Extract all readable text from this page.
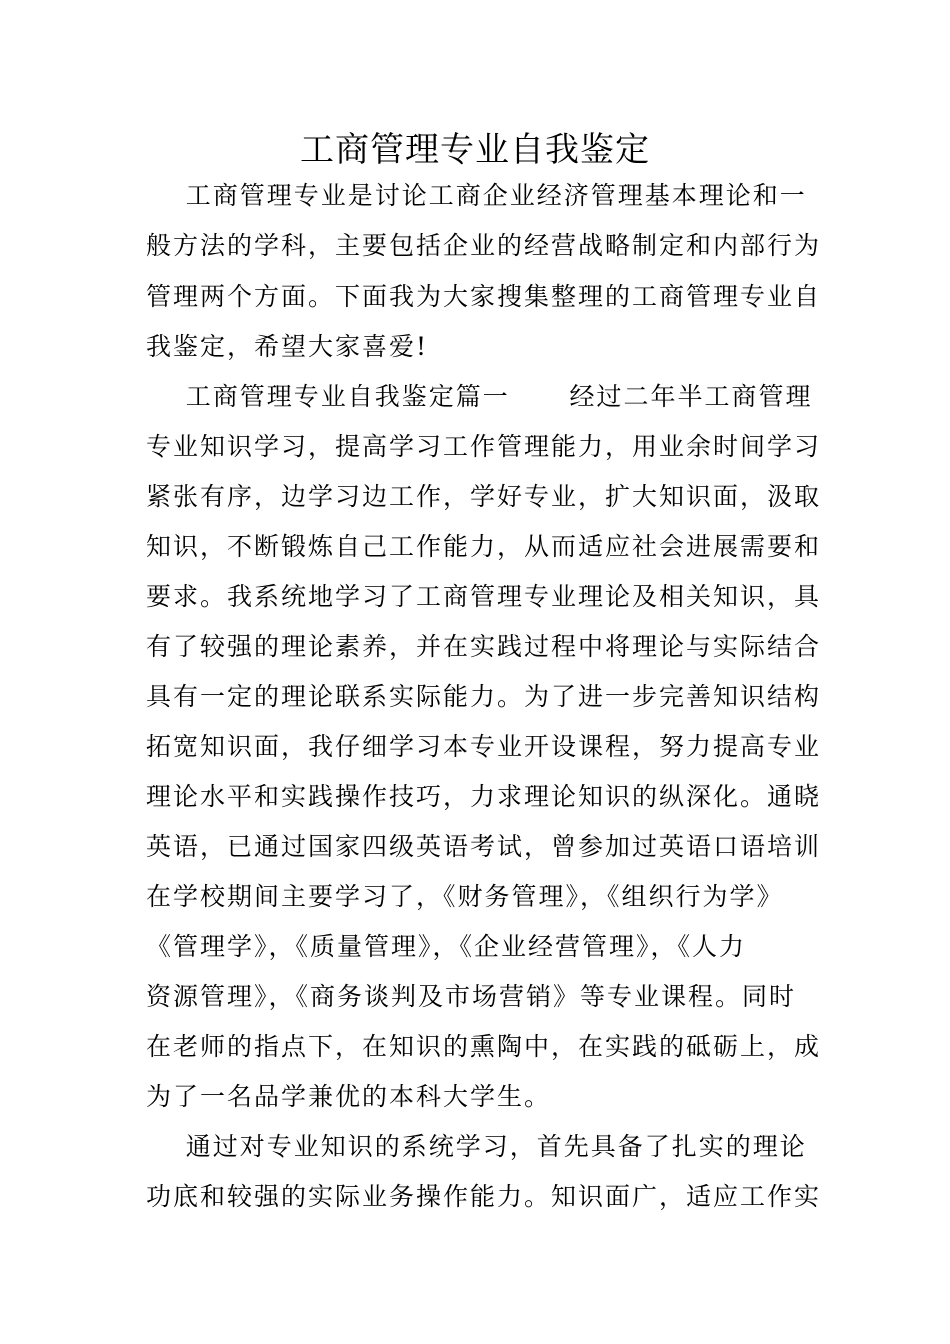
工商管理专业自我鉴定
工商管理专业是讨论工商企业经济管理基本理论和一
般方法的学科，主要包括企业的经营战略制定和内部行为
管理两个方面。下面我为大家搜集整理的工商管理专业自
我鉴定，希望大家喜爱!
工商管理专业自我鉴定篇一      经过二年半工商管理
专业知识学习，提高学习工作管理能力，用业余时间学习
紧张有序，边学习边工作，学好专业，扩大知识面，汲取
知识，不断锻炼自己工作能力，从而适应社会进展需要和
要求。我系统地学习了工商管理专业理论及相关知识，具
有了较强的理论素养，并在实践过程中将理论与实际结合
具有一定的理论联系实际能力。为了进一步完善知识结构
拓宽知识面，我仔细学习本专业开设课程，努力提高专业
理论水平和实践操作技巧，力求理论知识的纵深化。通晓
英语，已通过国家四级英语考试，曾参加过英语口语培训
在学校期间主要学习了，《财务管理》，《组织行为学》
《管理学》，《质量管理》，《企业经营管理》，《人力
资源管理》，《商务谈判及市场营销》等专业课程。同时
在老师的指点下，在知识的熏陶中，在实践的砥砺上，成
为了一名品学兼优的本科大学生。
通过对专业知识的系统学习，首先具备了扎实的理论
功底和较强的实际业务操作能力。知识面广，适应工作实
